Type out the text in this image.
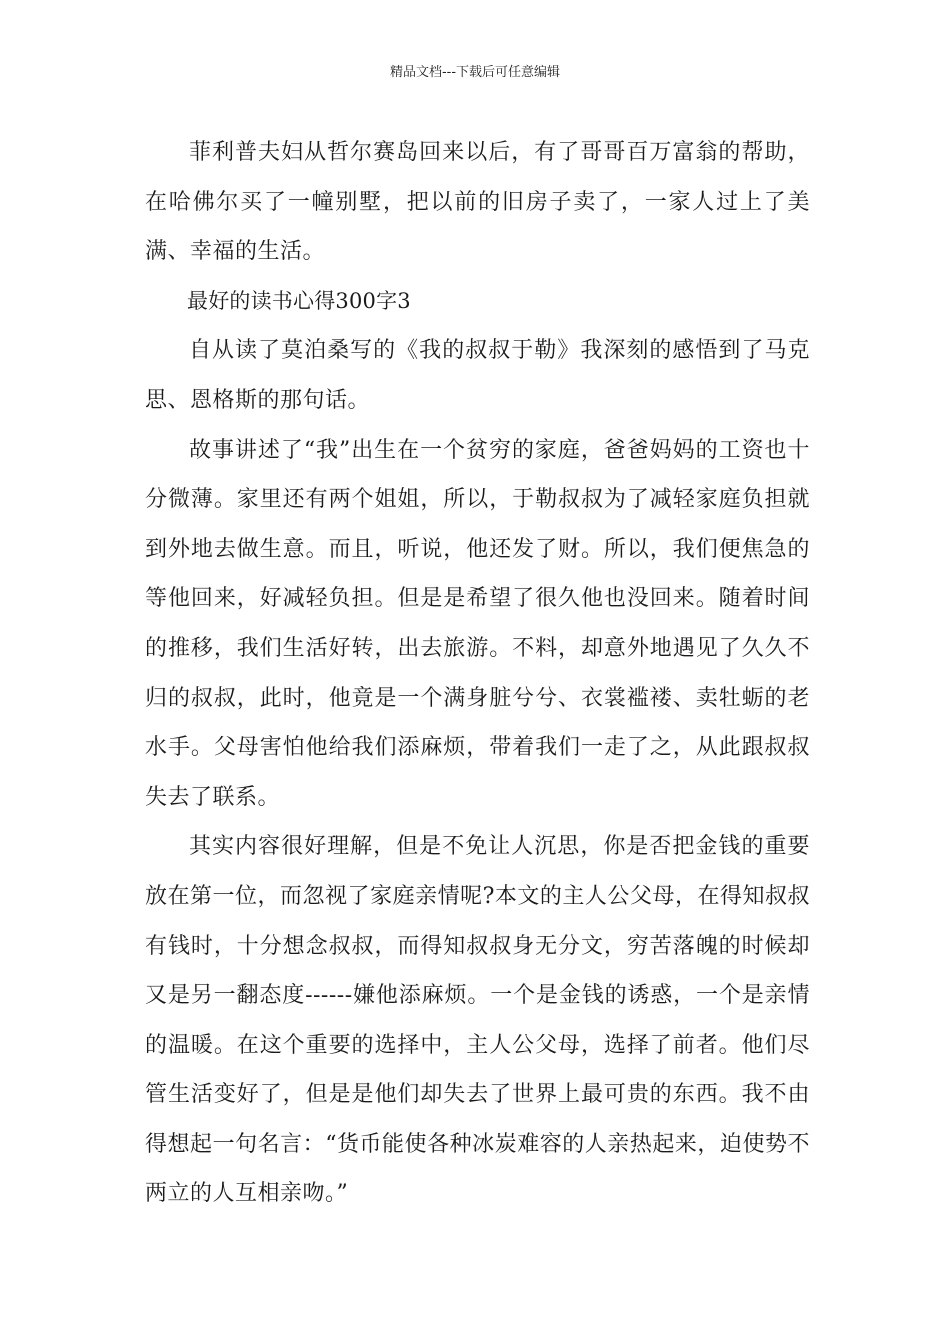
精品文档---下载后可任意编辑

菲利普夫妇从哲尔赛岛回来以后，有了哥哥百万富翁的帮助，在哈佛尔买了一幢别墅，把以前的旧房子卖了，一家人过上了美满、幸福的生活。

最好的读书心得300字3

自从读了莫泊桑写的《我的叔叔于勒》我深刻的感悟到了马克思、恩格斯的那句话。

故事讲述了“我”出生在一个贫穷的家庭，爸爸妈妈的工资也十分微薄。家里还有两个姐姐，所以，于勒叔叔为了减轻家庭负担就到外地去做生意。而且，听说，他还发了财。所以，我们便焦急的等他回来，好减轻负担。但是是希望了很久他也没回来。随着时间的推移，我们生活好转，出去旅游。不料，却意外地遇见了久久不归的叔叔，此时，他竟是一个满身脏兮兮、衣裳褴褛、卖牡蛎的老水手。父母害怕他给我们添麻烦，带着我们一走了之，从此跟叔叔失去了联系。

其实内容很好理解，但是不免让人沉思，你是否把金钱的重要放在第一位，而忽视了家庭亲情呢?本文的主人公父母，在得知叔叔有钱时，十分想念叔叔，而得知叔叔身无分文，穷苦落魄的时候却又是另一翻态度------嫌他添麻烦。一个是金钱的诱惑，一个是亲情的温暖。在这个重要的选择中，主人公父母，选择了前者。他们尽管生活变好了，但是是他们却失去了世界上最可贵的东西。我不由得想起一句名言：“货币能使各种冰炭难容的人亲热起来，迫使势不两立的人互相亲吻。”
